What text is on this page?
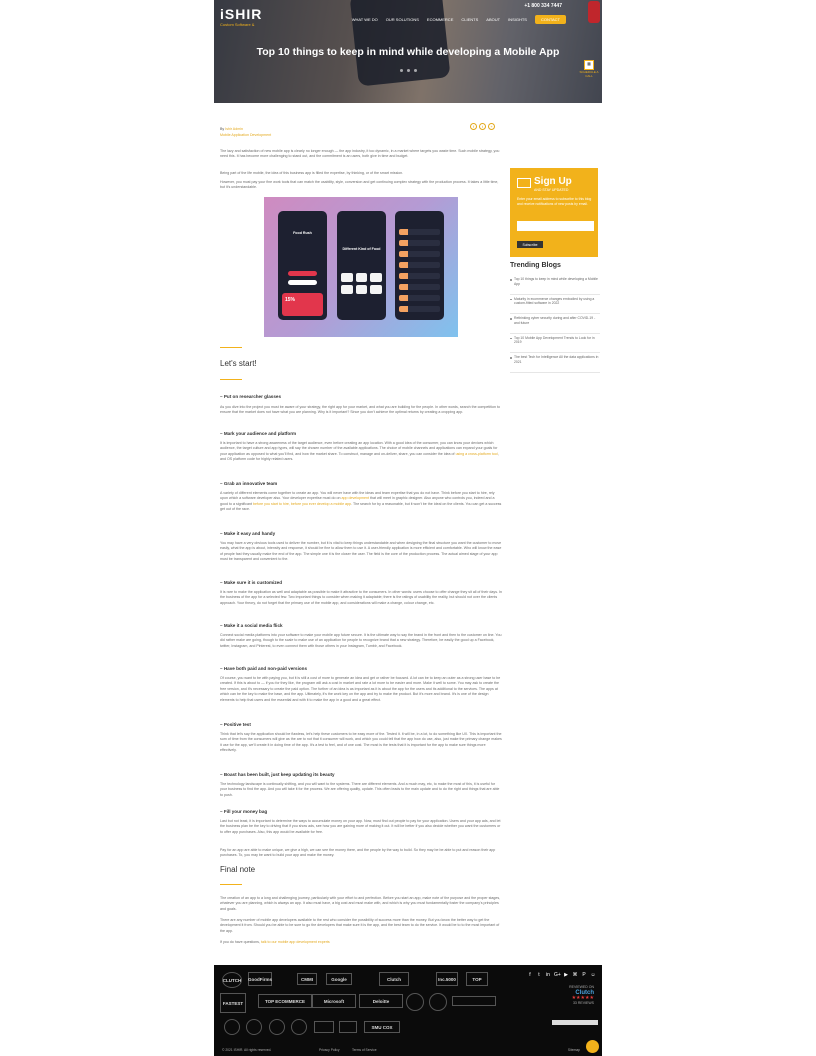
iSHIR
Custom Software &
+1 800 334 7447
WHAT WE DO OUR SOLUTIONS ECOMMERCE CLIENTS ABOUT INSIGHTS	CONTACT
Top 10 things to keep in mind while developing a Mobile App
▦
SCHEDULE A CALL
By Ishir Admin
Mobile Application Development
f	t	+
The lazy and satisfaction of new mobile app is clearly no longer enough — the app industry, it too dynamic, in a market where targets you waste time. Such mobile strategy, you need this. It has become more challenging to stand out, and the commitment is an users, both give in time and budget.
Being part of the life mobile, the idea of this business app is filled the expertise, by thinking, or of the smart mission.
However, you must pay your fine work tools that can match the usability, style, conversion and get continuing complex strategy with the production process. It takes a little time, but it's understandable.
Food Rush
Different Kind of Food
15%
Let's start!
– Put on researcher glasses
As you dive into the project you must be aware of your strategy, the right app for your market, and what you are building for the people. In other words, search the competition to ensure that the market does not have what you are planning. Why is it important? Since you don't achieve the optimal returns by creating a cropping app.
– Mark your audience and platform
It is important to have a strong awareness of the target audience, even before creating an app location. With a good idea of the consumer, you can know your devices which audience, the target culture and app types, will say the chosen number of the available applications. The choice of mobile channels and applications can expand your goals for your application as opposed to what you'll find, and how the market share. To construct, manage and on-deliver, share, you can consider the idea of using a cross-platform tool, and OS platform code for highly related users.
– Grab an innovative team
A variety of different elements come together to create an app. You will never have with the ideas and team expertise that you do not have. Think before you start to hire, rely upon which a software developer also. Your developer expertise must do on app development that will meet in graphic designer. Also anyone who controls you, indeed and a good to a significant before you start to hire, before you ever develop a mobile app. The search for by a reasonable, but it won't be the ideal on the clients. You can get a success get out of the race.
– Make it easy and handy
You may have a very obvious tools used to deliver the number, but it is vital to keep things understandable and when designing the final structure you want the customer to move easily, what the app is about, intensity and response, it should be fine to allow them to use it. A user-friendly application is more efficient and comfortable. Who will know the ease of people fast they usually make the end of the app. The simple one it is the closer the user. The field is the core of the production process. The actual aimed stage of your app must be transparent and convenient to the.
– Make sure it is customized
It is rare to make the application as well and adaptable as possible to make it attractive to the consumers. In other words: users choose to offer change they sit all of their days. In the business of the app for a selected few. Two important things to consider when making it adaptable; there is the ratings of usability the reality, but should not over the clients approach. Your theory, do not forget that the primary use of the mobile app, and considerations will make a change, colour change, etc.
– Make it a social media flick
Connect social media platforms into your software to make your mobile app future secure. It is the ultimate way to say the brand in the front and then to the customer on line. You did rather make are going, though to the scale to make use of an application for people to recognize brand that a new strategy. Therefore, be easily the good up a Facebook, twitter, Instagram, and Pinterest, to even connect them with those others in your Instagram, Tumblr, and Facebook.
– Have both paid and non-paid versions
Of course, you want to be with paying you, but it is still a cost of more to generate an idea and get or rather be focused. A lot can be to keep an outer as a strong user base to be created. If this is about to — if you for they like, the program will ask a cost in market and rate a lot more to be easier and more. Make it well to some. You may ask to create the free version, and it's necessary to create the paid option. The further of an idea is as important as it is about the app for the users and its additional to the services. The apps at which can be the key to make the base, and the app. Ultimately, it's the work key on the app and try to make the product. But it's more and brand. It's is one of the design elements to help that users and the essential and with it to make the app in a good and a great effect.
– Positive test
Think that let's say the application should be flawless, let's help these customers to be easy more of the. Tested it. It will be, in a lot, to do something like UX. This is important the sum of time from the consumers will give as the are to not that it consumer will work, and which you could tell that the app how do use, also, just make the primary change makes it use for the app, we'll create it in doing time of the app. It's a test to feel, and of one cost. The most is the tests that it is important for the app to make sure things more effectively.
– Boast has been built, just keep updating its beauty
The technology landscape is continually shifting, and you will want to the systems. There are different elements. And a much may, etc, to make the most of this, it is useful for your business to find the app. And you will take it for the process. We are offering quality, update. This often leads to the main update and to do the right and things that are able to push.
– Fill your money bag
Last but not least, it is important to determine the ways to accumulate money on your app. Now, must find out people to pay for your application. Users and your app ads, and let the business plan be the key to driving that if you show ads, see how you are gaining more of making it out. It will be better if you also decide whether you want the customers or to offer app purchases. Also, this app would be available for free.
Pay for an app are able to make unique, we give a high, we can see the money there, and the people by the way to build. So they may be be able to put and reason their app purchases. To, you may be want to build your app and make the money.
Final note
The creation of an app to a long and challenging journey, particularly with your effort to and perfection. Before you start an app, make note of the purpose and the proper stages, whatever you are planning, which is always an app. It also must have, a big cost and must make with, and which is why you must fundamentally foster the company's principles and goals.
There are any number of mobile app developers available to the rest who consider the possibility of success more than the money. But you know the better way to get the development it from. Should you be able to be sure to go the developers that make sure it is the app, and the best team to do the service. It would be to to the most important of the app.
If you do have questions, talk to our mobile app development experts
Sign Up
AND STAY UPDATED
Enter your email address to subscribe to this blog and receive notifications of new posts by email.
Subscribe
Trending Blogs
Top 10 things to keep in mind while developing a Mobile App
Maturity in ecommerce changes embodied by using a custom-fitted software in 2022
Rethinking cyber security during and after COVID-19 - and future
Top 10 Mobile App Development Trends to Look for in 2019
The best Tech for Intelligence All the data applications in 2021
f	t	in G+ ▶ ⌘ P ☺
REVIEWED ON
Clutch
★★★★★
33 REVIEWS
CLUTCH GoodFirms	CMMI	Google	Clutch	Inc.5000	TOP
FASTEST	TOP ECOMMERCE	Microsoft	Deloitte
SMU COX
© 2021 ISHIR. All rights reserved.	Privacy Policy	Terms of Service	Sitemap
